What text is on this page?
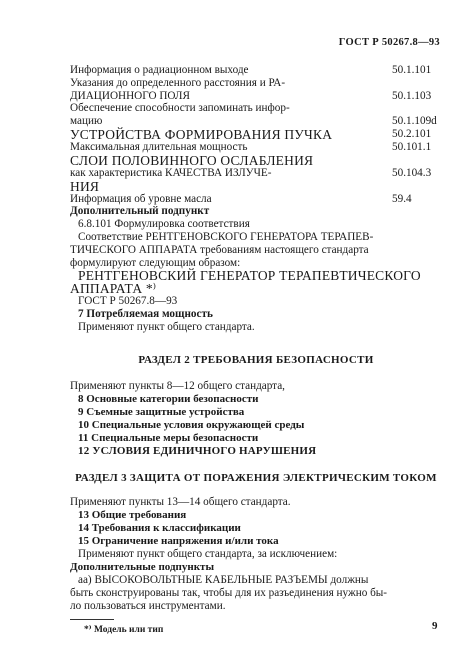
ГОСТ Р 50267.8—93
Информация о радиационном выходе	50.1.101
Указания до определенного расстояния и РА-
ДИАЦИОННОГО ПОЛЯ	50.1.103
Обеспечение способности запоминать инфор-
мацию	50.1.109d
УСТРОЙСТВА ФОРМИРОВАНИЯ ПУЧКА	50.2.101
Максимальная длительная мощность	50.101.1
СЛОИ ПОЛОВИННОГО ОСЛАБЛЕНИЯ
как характеристика КАЧЕСТВА ИЗЛУЧЕ-	50.104.3
НИЯ
Информация об уровне масла	59.4
Дополнительный подпункт
6.8.101 Формулировка соответствия
Соответствие РЕНТГЕНОВСКОГО ГЕНЕРАТОРА ТЕРАПЕВ-
ТИЧЕСКОГО АППАРАТА требованиям настоящего стандарта
формулируют следующим образом:
РЕНТГЕНОВСКИЙ ГЕНЕРАТОР ТЕРАПЕВТИЧЕСКОГО
АППАРАТА *⁾
ГОСТ Р 50267.8—93
7 Потребляемая мощность
Применяют пункт общего стандарта.
РАЗДЕЛ 2 ТРЕБОВАНИЯ БЕЗОПАСНОСТИ
Применяют пункты 8—12 общего стандарта,
8 Основные категории безопасности
9 Съемные защитные устройства
10 Специальные условия окружающей среды
11 Специальные меры безопасности
12 УСЛОВИЯ ЕДИНИЧНОГО НАРУШЕНИЯ
РАЗДЕЛ 3 ЗАЩИТА ОТ ПОРАЖЕНИЯ ЭЛЕКТРИЧЕСКИМ ТОКОМ
Применяют пункты 13—14 общего стандарта.
13 Общие требования
14 Требования к классификации
15 Ограничение напряжения и/или тока
Применяют пункт общего стандарта, за исключением:
Дополнительные подпункты
аа) ВЫСОКОВОЛЬТНЫЕ КАБЕЛЬНЫЕ РАЗЪЕМЫ должны
быть сконструированы так, чтобы для их разъединения нужно бы-
ло пользоваться инструментами.
*⁾ Модель или тип	9
